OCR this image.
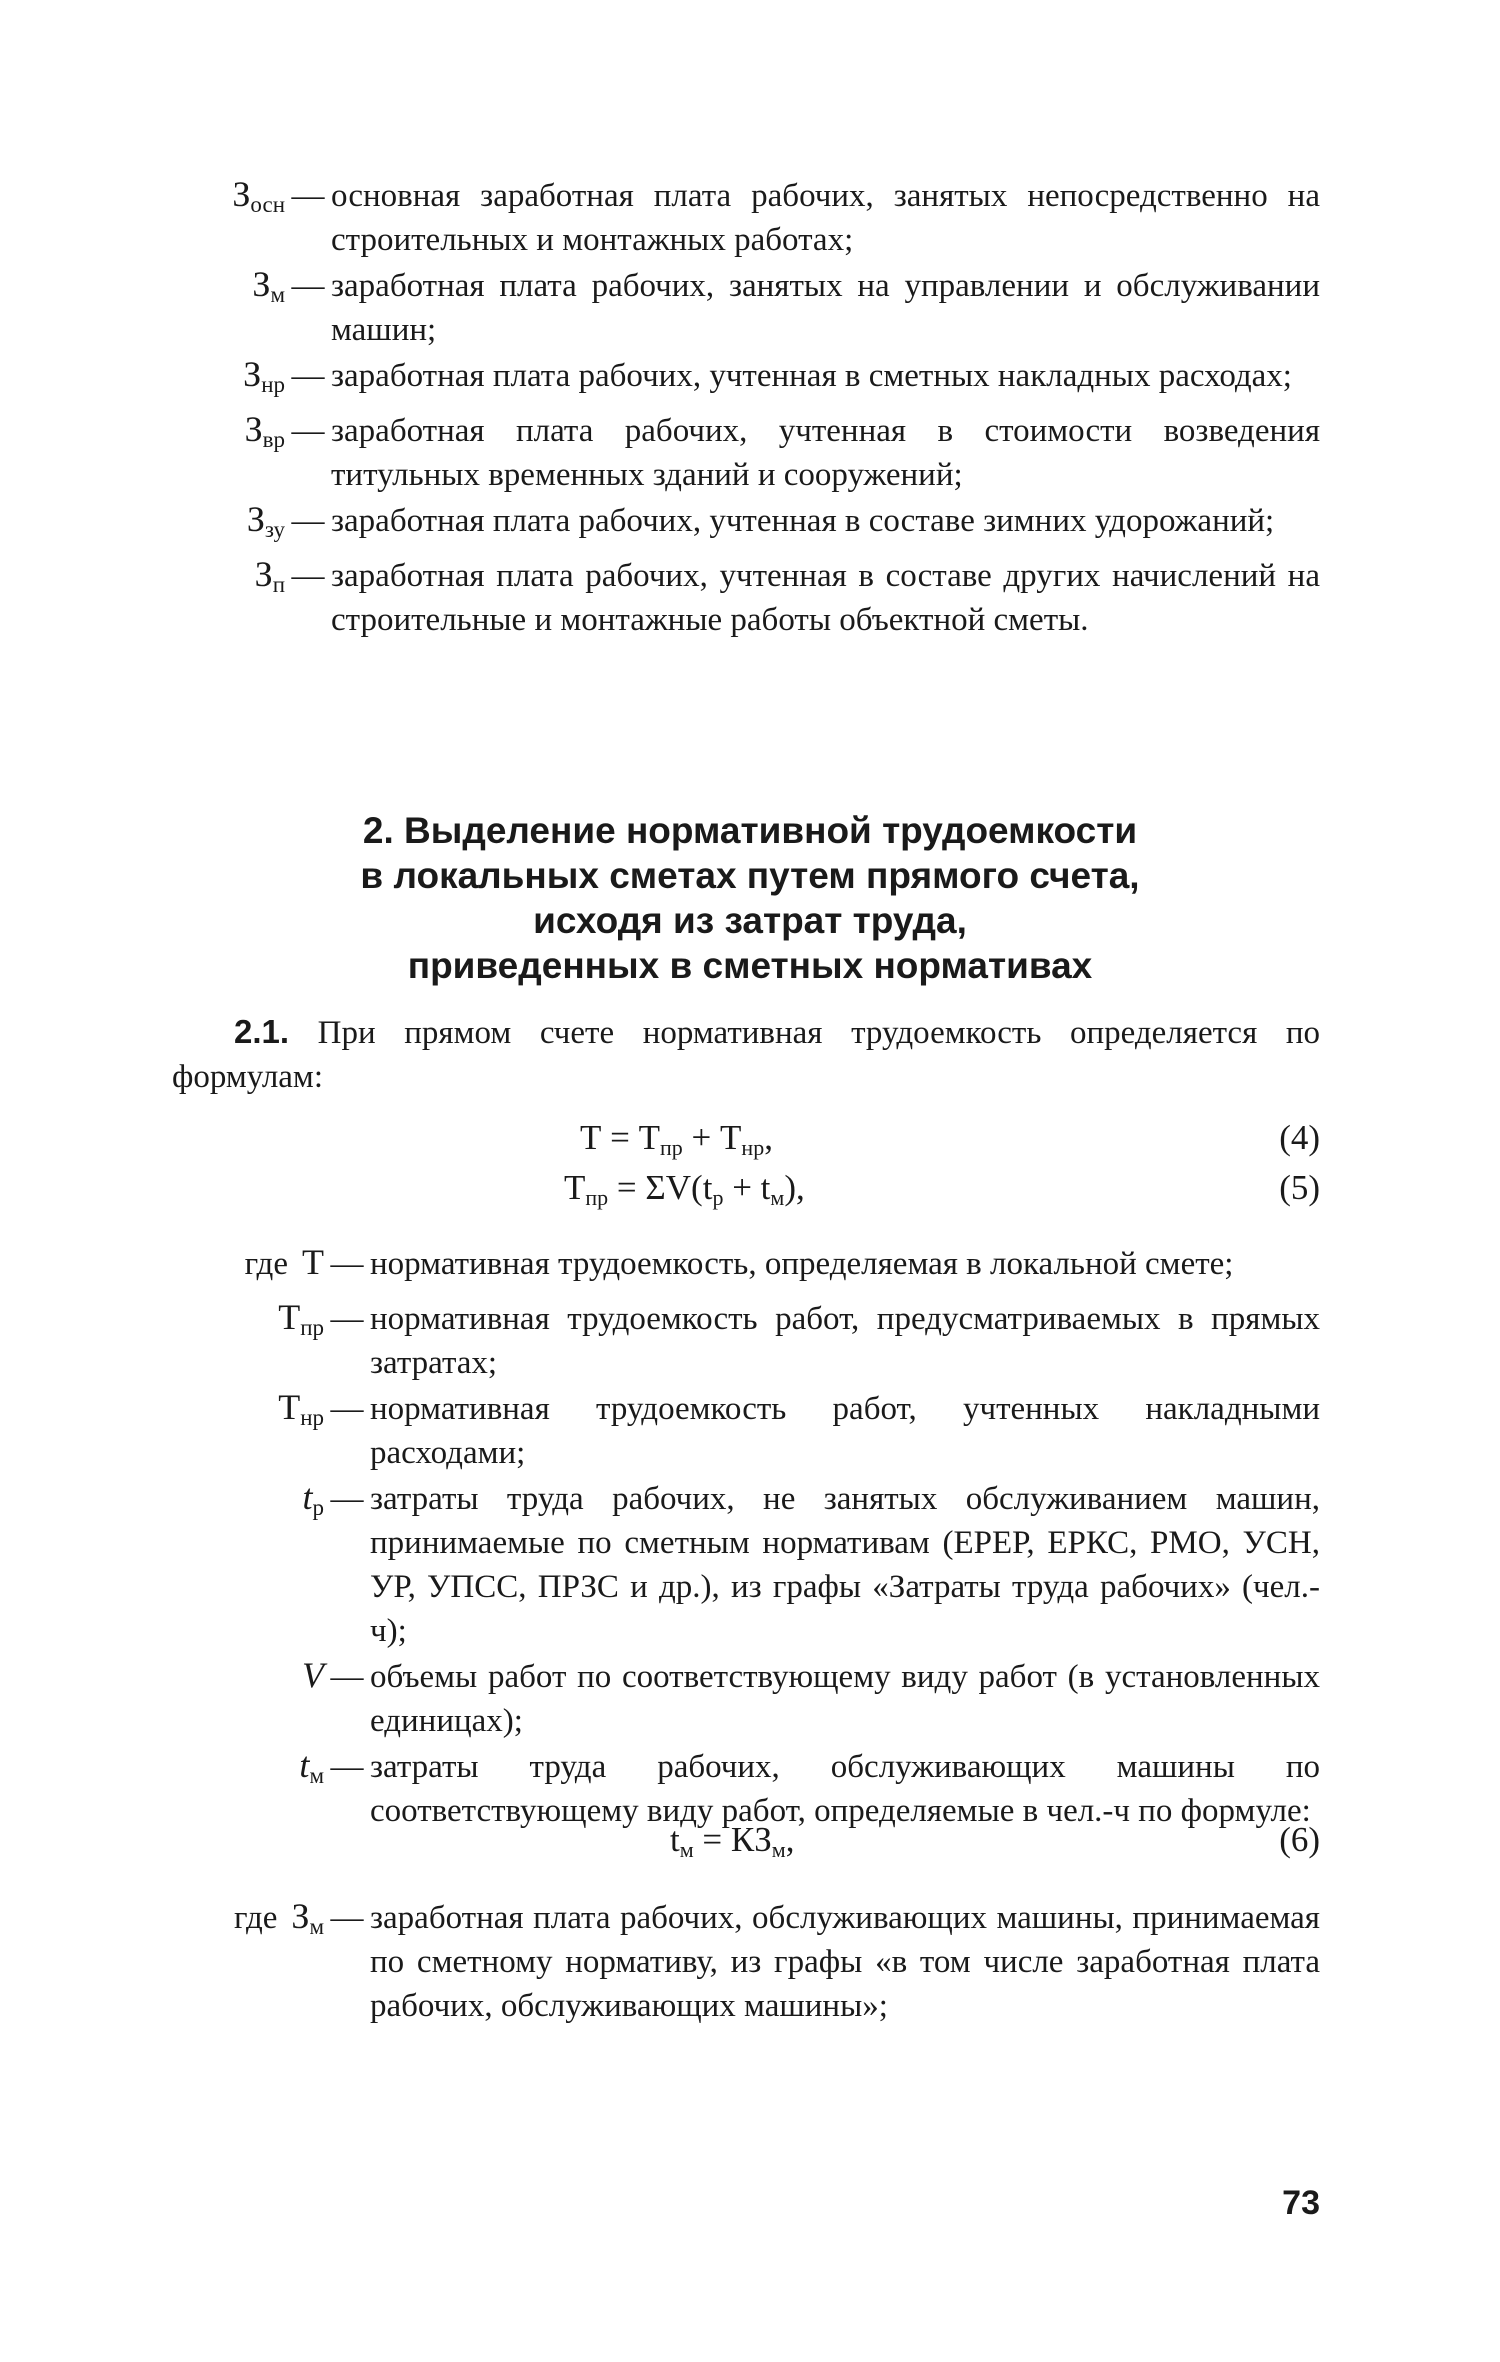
$З_{осн}$ — основная заработная плата рабочих, занятых непосредственно на строительных и монтажных работах;
$З_м$ — заработная плата рабочих, занятых на управлении и обслуживании машин;
$З_{нр}$ — заработная плата рабочих, учтенная в сметных накладных расходах;
$З_{вр}$ — заработная плата рабочих, учтенная в стоимости возведения титульных временных зданий и сооружений;
$З_{зу}$ — заработная плата рабочих, учтенная в составе зимних удорожаний;
$З_п$ — заработная плата рабочих, учтенная в составе других начислений на строительные и монтажные работы объектной сметы.
2. Выделение нормативной трудоемкости
в локальных сметах путем прямого счета,
исходя из затрат труда,
приведенных в сметных нормативах
2.1. При прямом счете нормативная трудоемкость определяется по формулам:
$Т = Т_{пр} + Т_{нр}$,	(4)
$Т_{пр} = \Sigma V(t_р + t_м)$,	(5)
где Т — нормативная трудоемкость, определяемая в локальной смете;
$Т_{пр}$ — нормативная трудоемкость работ, предусматриваемых в прямых затратах;
$Т_{нр}$ — нормативная трудоемкость работ, учтенных накладными расходами;
$t_р$ — затраты труда рабочих, не занятых обслуживанием машин, принимаемые по сметным нормативам (ЕРЕР, ЕРКС, РМО, УСН, УР, УПСС, ПРЗС и др.), из графы «Затраты труда рабочих» (чел.-ч);
V — объемы работ по соответствующему виду работ (в установленных единицах);
$t_м$ — затраты труда рабочих, обслуживающих машины по соответствующему виду работ, определяемые в чел.-ч по формуле:
$t_м = КЗ_м$,	(6)
где $З_м$ — заработная плата рабочих, обслуживающих машины, принимаемая по сметному нормативу, из графы «в том числе заработная плата рабочих, обслуживающих машины»;
73
